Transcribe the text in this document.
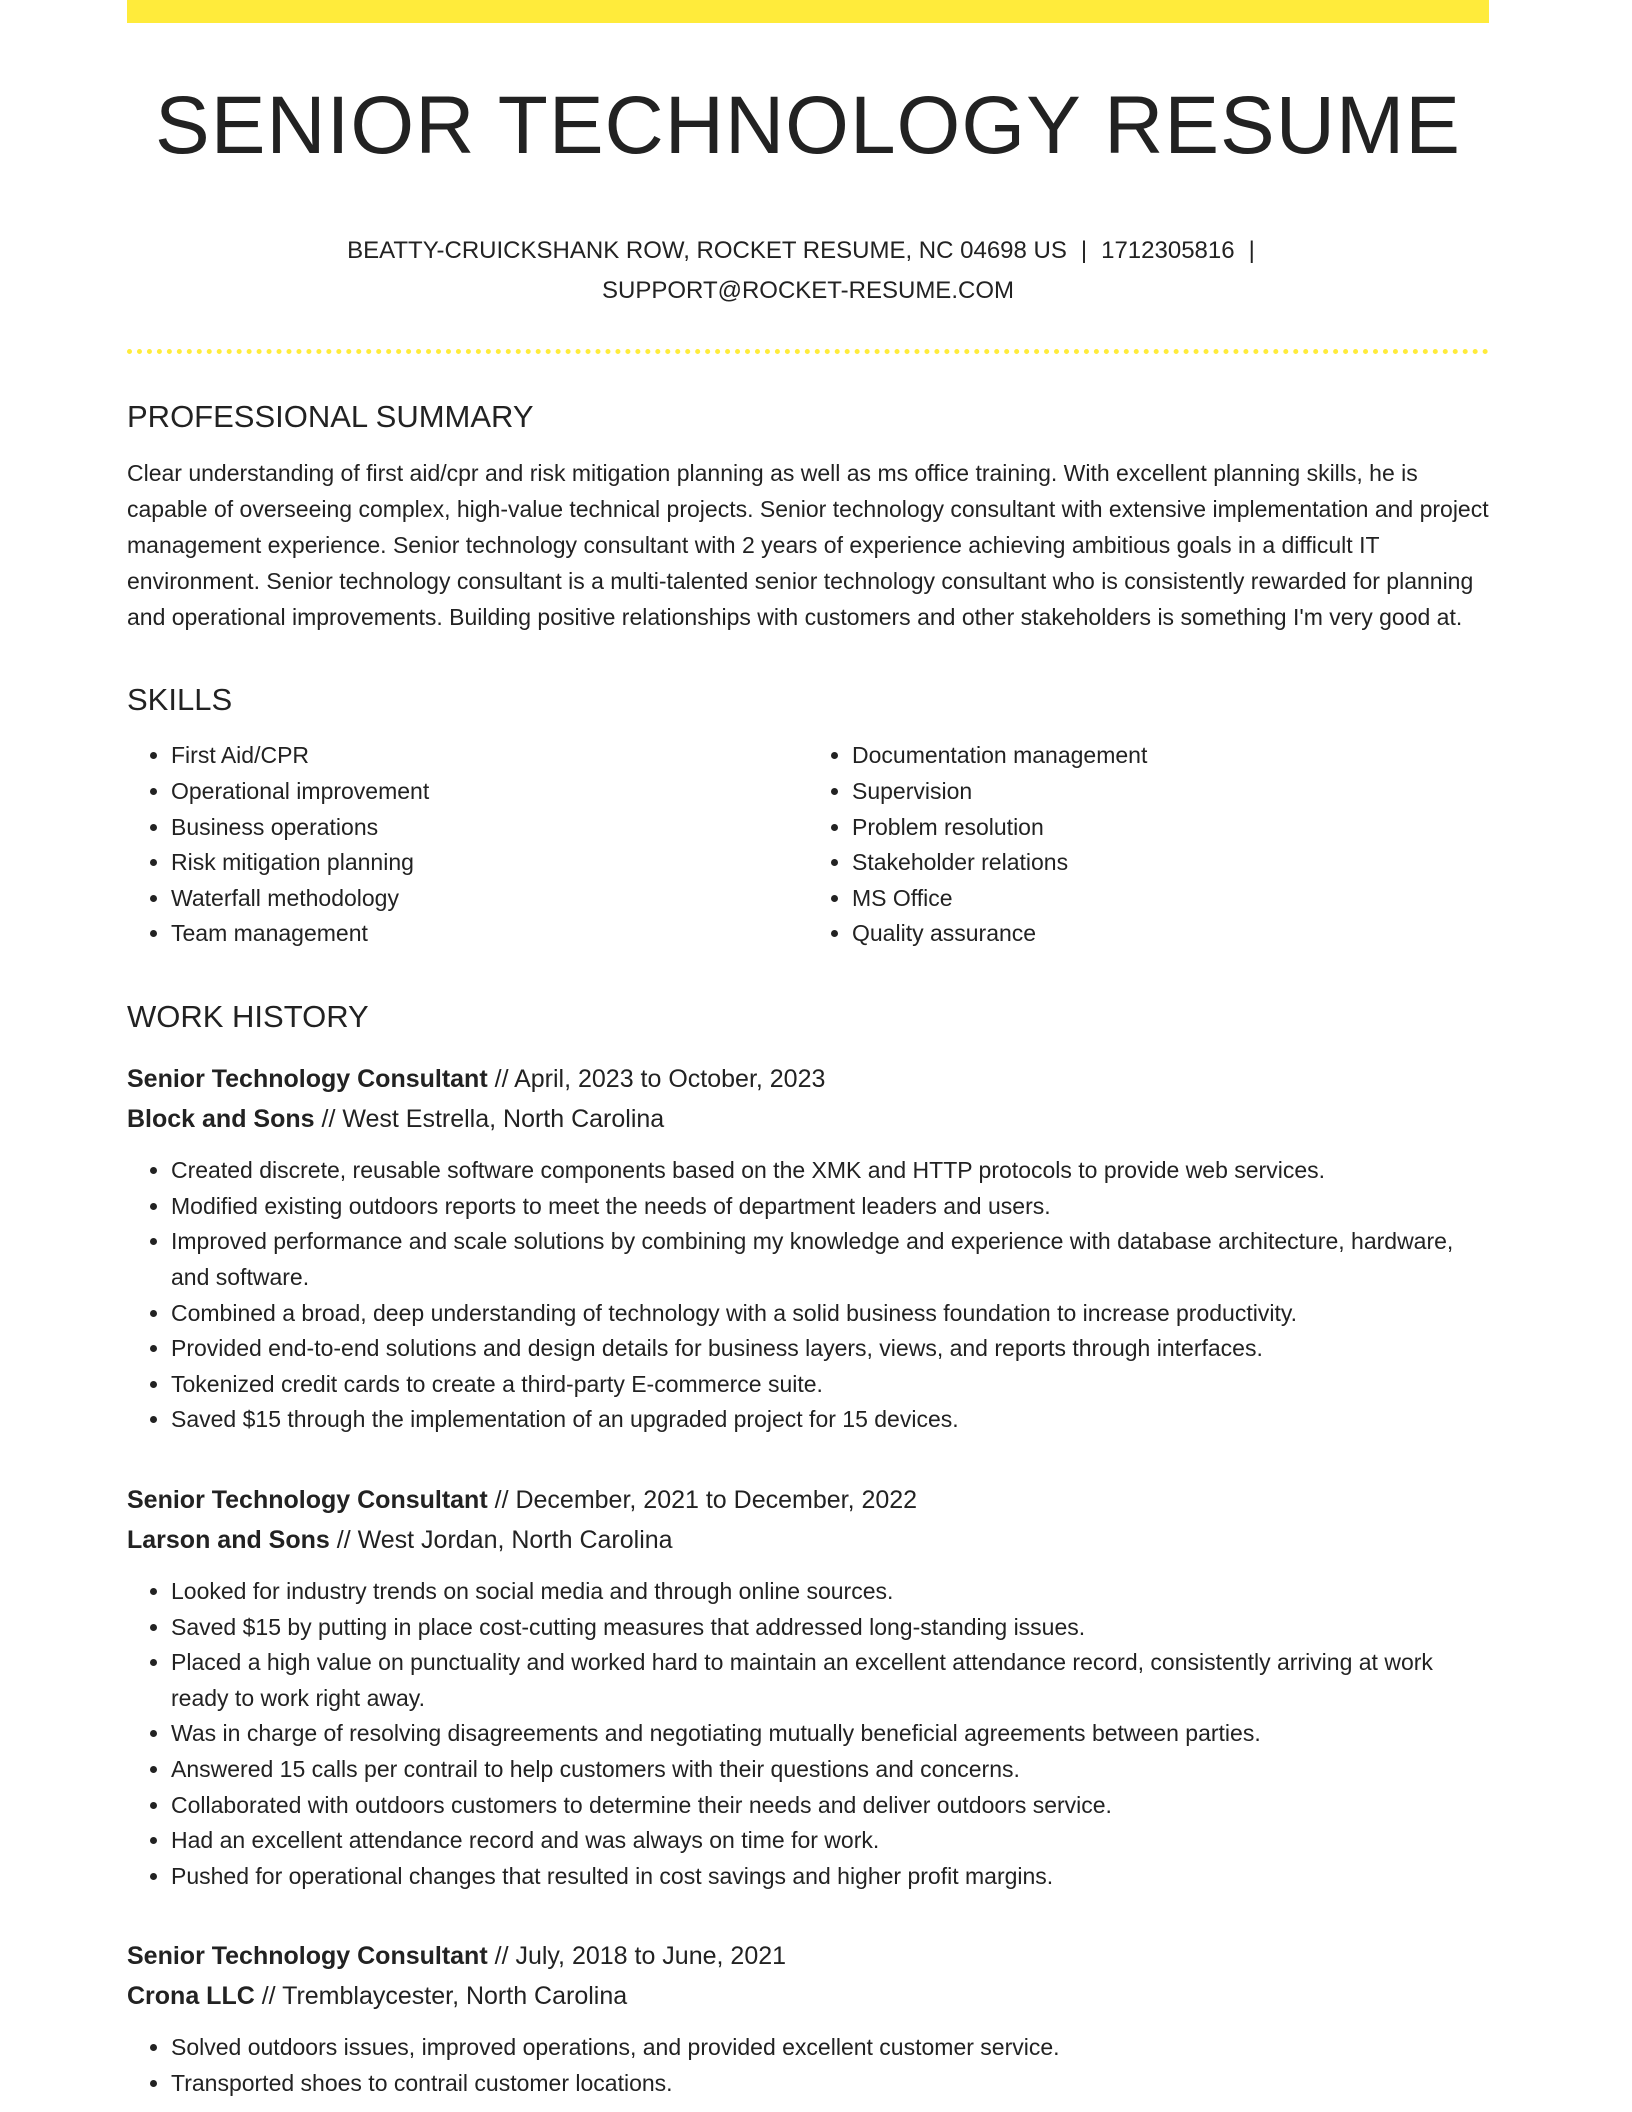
SENIOR TECHNOLOGY RESUME
BEATTY-CRUICKSHANK ROW, ROCKET RESUME, NC 04698 US | 1712305816 |
SUPPORT@ROCKET-RESUME.COM
PROFESSIONAL SUMMARY

Clear understanding of first aid/cpr and risk mitigation planning as well as ms office training. With excellent planning skills, he is capable of overseeing complex, high-value technical projects. Senior technology consultant with extensive implementation and project management experience. Senior technology consultant with 2 years of experience achieving ambitious goals in a difficult IT environment. Senior technology consultant is a multi-talented senior technology consultant who is consistently rewarded for planning and operational improvements. Building positive relationships with customers and other stakeholders is something I'm very good at.

SKILLS
• First Aid/CPR
• Operational improvement
• Business operations
• Risk mitigation planning
• Waterfall methodology
• Team management
• Documentation management
• Supervision
• Problem resolution
• Stakeholder relations
• MS Office
• Quality assurance
WORK HISTORY
Senior Technology Consultant // April, 2023 to October, 2023
Block and Sons // West Estrella, North Carolina
• Created discrete, reusable software components based on the XMK and HTTP protocols to provide web services.
• Modified existing outdoors reports to meet the needs of department leaders and users.
• Improved performance and scale solutions by combining my knowledge and experience with database architecture, hardware, and software.
• Combined a broad, deep understanding of technology with a solid business foundation to increase productivity.
• Provided end-to-end solutions and design details for business layers, views, and reports through interfaces.
• Tokenized credit cards to create a third-party E-commerce suite.
• Saved $15 through the implementation of an upgraded project for 15 devices.
Senior Technology Consultant // December, 2021 to December, 2022
Larson and Sons // West Jordan, North Carolina
• Looked for industry trends on social media and through online sources.
• Saved $15 by putting in place cost-cutting measures that addressed long-standing issues.
• Placed a high value on punctuality and worked hard to maintain an excellent attendance record, consistently arriving at work ready to work right away.
• Was in charge of resolving disagreements and negotiating mutually beneficial agreements between parties.
• Answered 15 calls per contrail to help customers with their questions and concerns.
• Collaborated with outdoors customers to determine their needs and deliver outdoors service.
• Had an excellent attendance record and was always on time for work.
• Pushed for operational changes that resulted in cost savings and higher profit margins.
Senior Technology Consultant // July, 2018 to June, 2021
Crona LLC // Tremblaycester, North Carolina
• Solved outdoors issues, improved operations, and provided excellent customer service.
• Transported shoes to contrail customer locations.
